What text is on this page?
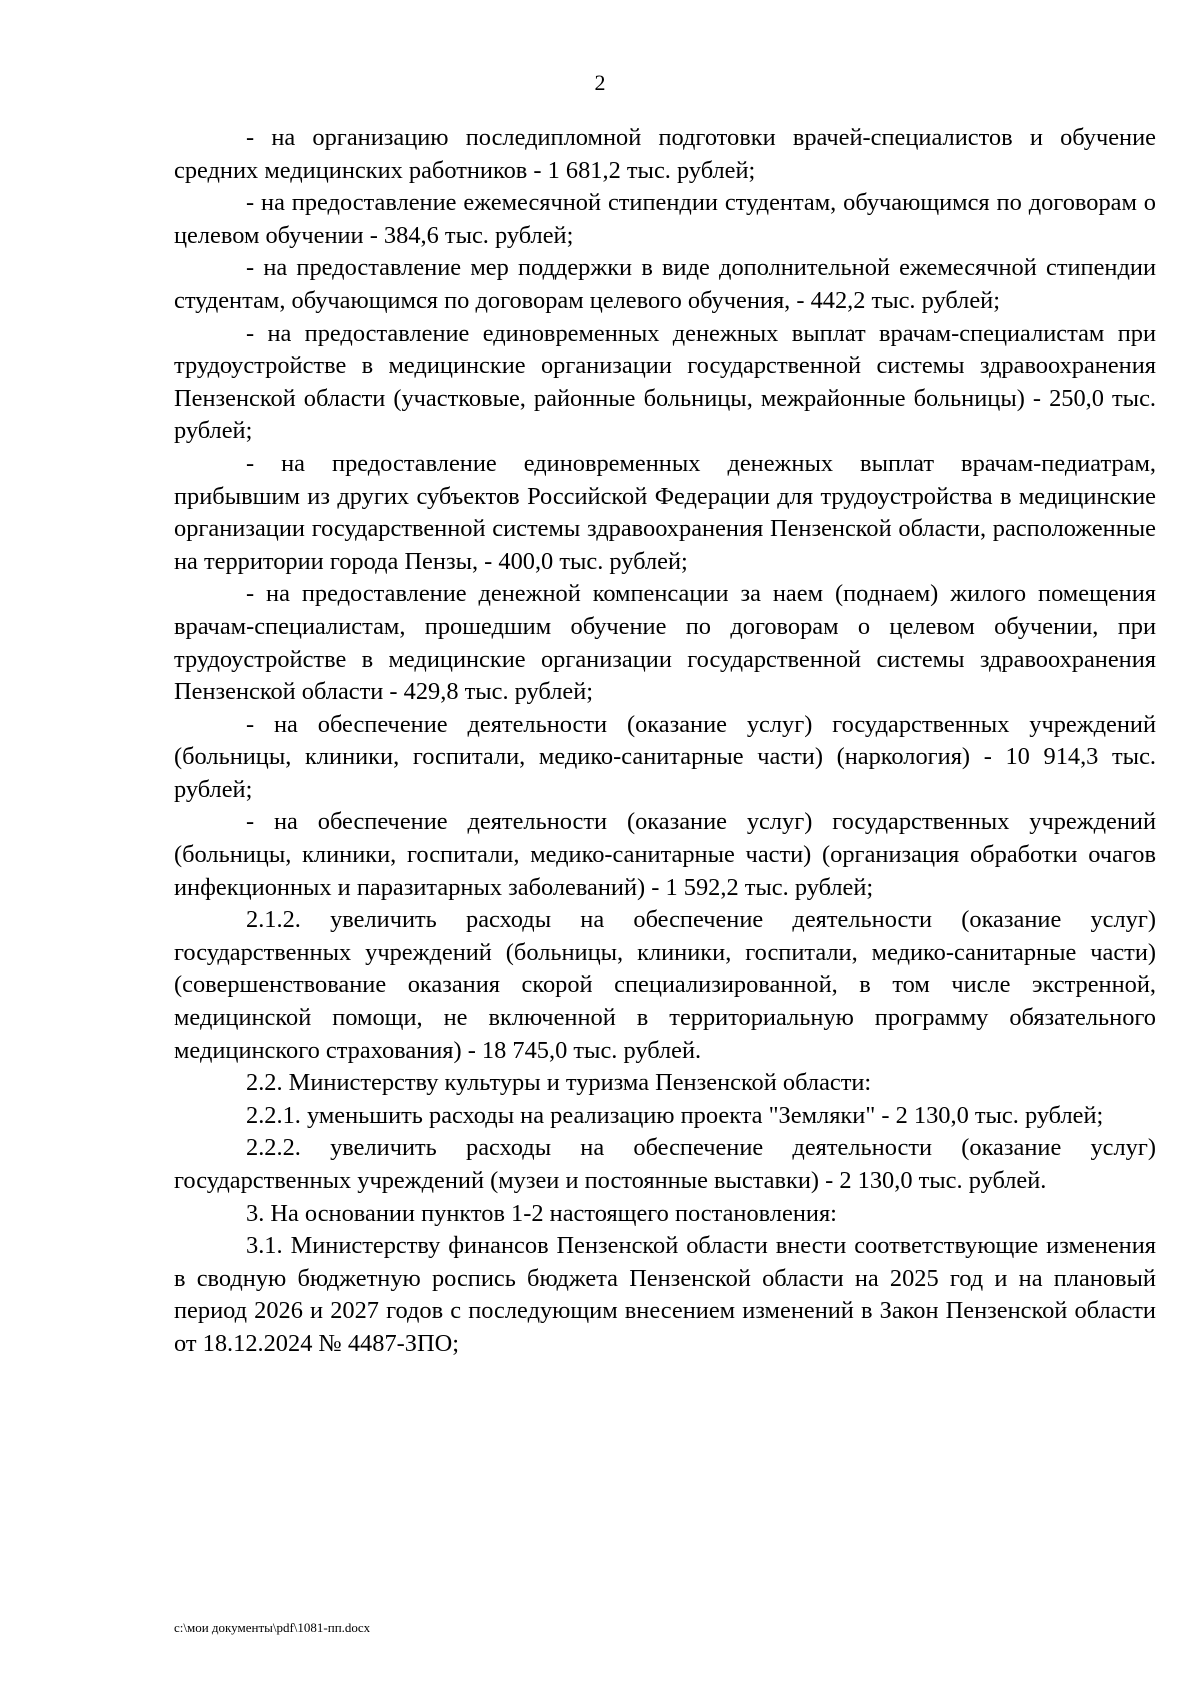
2

- на организацию последипломной подготовки врачей-специалистов и обучение средних медицинских работников - 1 681,2 тыс. рублей;

- на предоставление ежемесячной стипендии студентам, обучающимся по договорам о целевом обучении - 384,6 тыс. рублей;

- на предоставление мер поддержки в виде дополнительной ежемесячной стипендии студентам, обучающимся по договорам целевого обучения, - 442,2 тыс. рублей;

- на предоставление единовременных денежных выплат врачам-специалистам при трудоустройстве в медицинские организации государственной системы здравоохранения Пензенской области (участковые, районные больницы, межрайонные больницы) - 250,0 тыс. рублей;

- на предоставление единовременных денежных выплат врачам-педиатрам, прибывшим из других субъектов Российской Федерации для трудоустройства в медицинские организации государственной системы здравоохранения Пензенской области, расположенные на территории города Пензы, - 400,0 тыс. рублей;

- на предоставление денежной компенсации за наем (поднаем) жилого помещения врачам-специалистам, прошедшим обучение по договорам о целевом обучении, при трудоустройстве в медицинские организации государственной системы здравоохранения Пензенской области - 429,8 тыс. рублей;

- на обеспечение деятельности (оказание услуг) государственных учреждений (больницы, клиники, госпитали, медико-санитарные части) (наркология) - 10 914,3 тыс. рублей;

- на обеспечение деятельности (оказание услуг) государственных учреждений (больницы, клиники, госпитали, медико-санитарные части) (организация обработки очагов инфекционных и паразитарных заболеваний) - 1 592,2 тыс. рублей;

2.1.2. увеличить расходы на обеспечение деятельности (оказание услуг) государственных учреждений (больницы, клиники, госпитали, медико-санитарные части) (совершенствование оказания скорой специализированной, в том числе экстренной, медицинской помощи, не включенной в территориальную программу обязательного медицинского страхования) - 18 745,0 тыс. рублей.

2.2. Министерству культуры и туризма Пензенской области:

2.2.1. уменьшить расходы на реализацию проекта "Земляки" - 2 130,0 тыс. рублей;

2.2.2. увеличить расходы на обеспечение деятельности (оказание услуг) государственных учреждений (музеи и постоянные выставки) - 2 130,0 тыс. рублей.

3. На основании пунктов 1-2 настоящего постановления:

3.1. Министерству финансов Пензенской области внести соответствующие изменения в сводную бюджетную роспись бюджета Пензенской области на 2025 год и на плановый период 2026 и 2027 годов с последующим внесением изменений в Закон Пензенской области от 18.12.2024 № 4487-ЗПО;

c:\мои документы\pdf\1081-пп.docx
